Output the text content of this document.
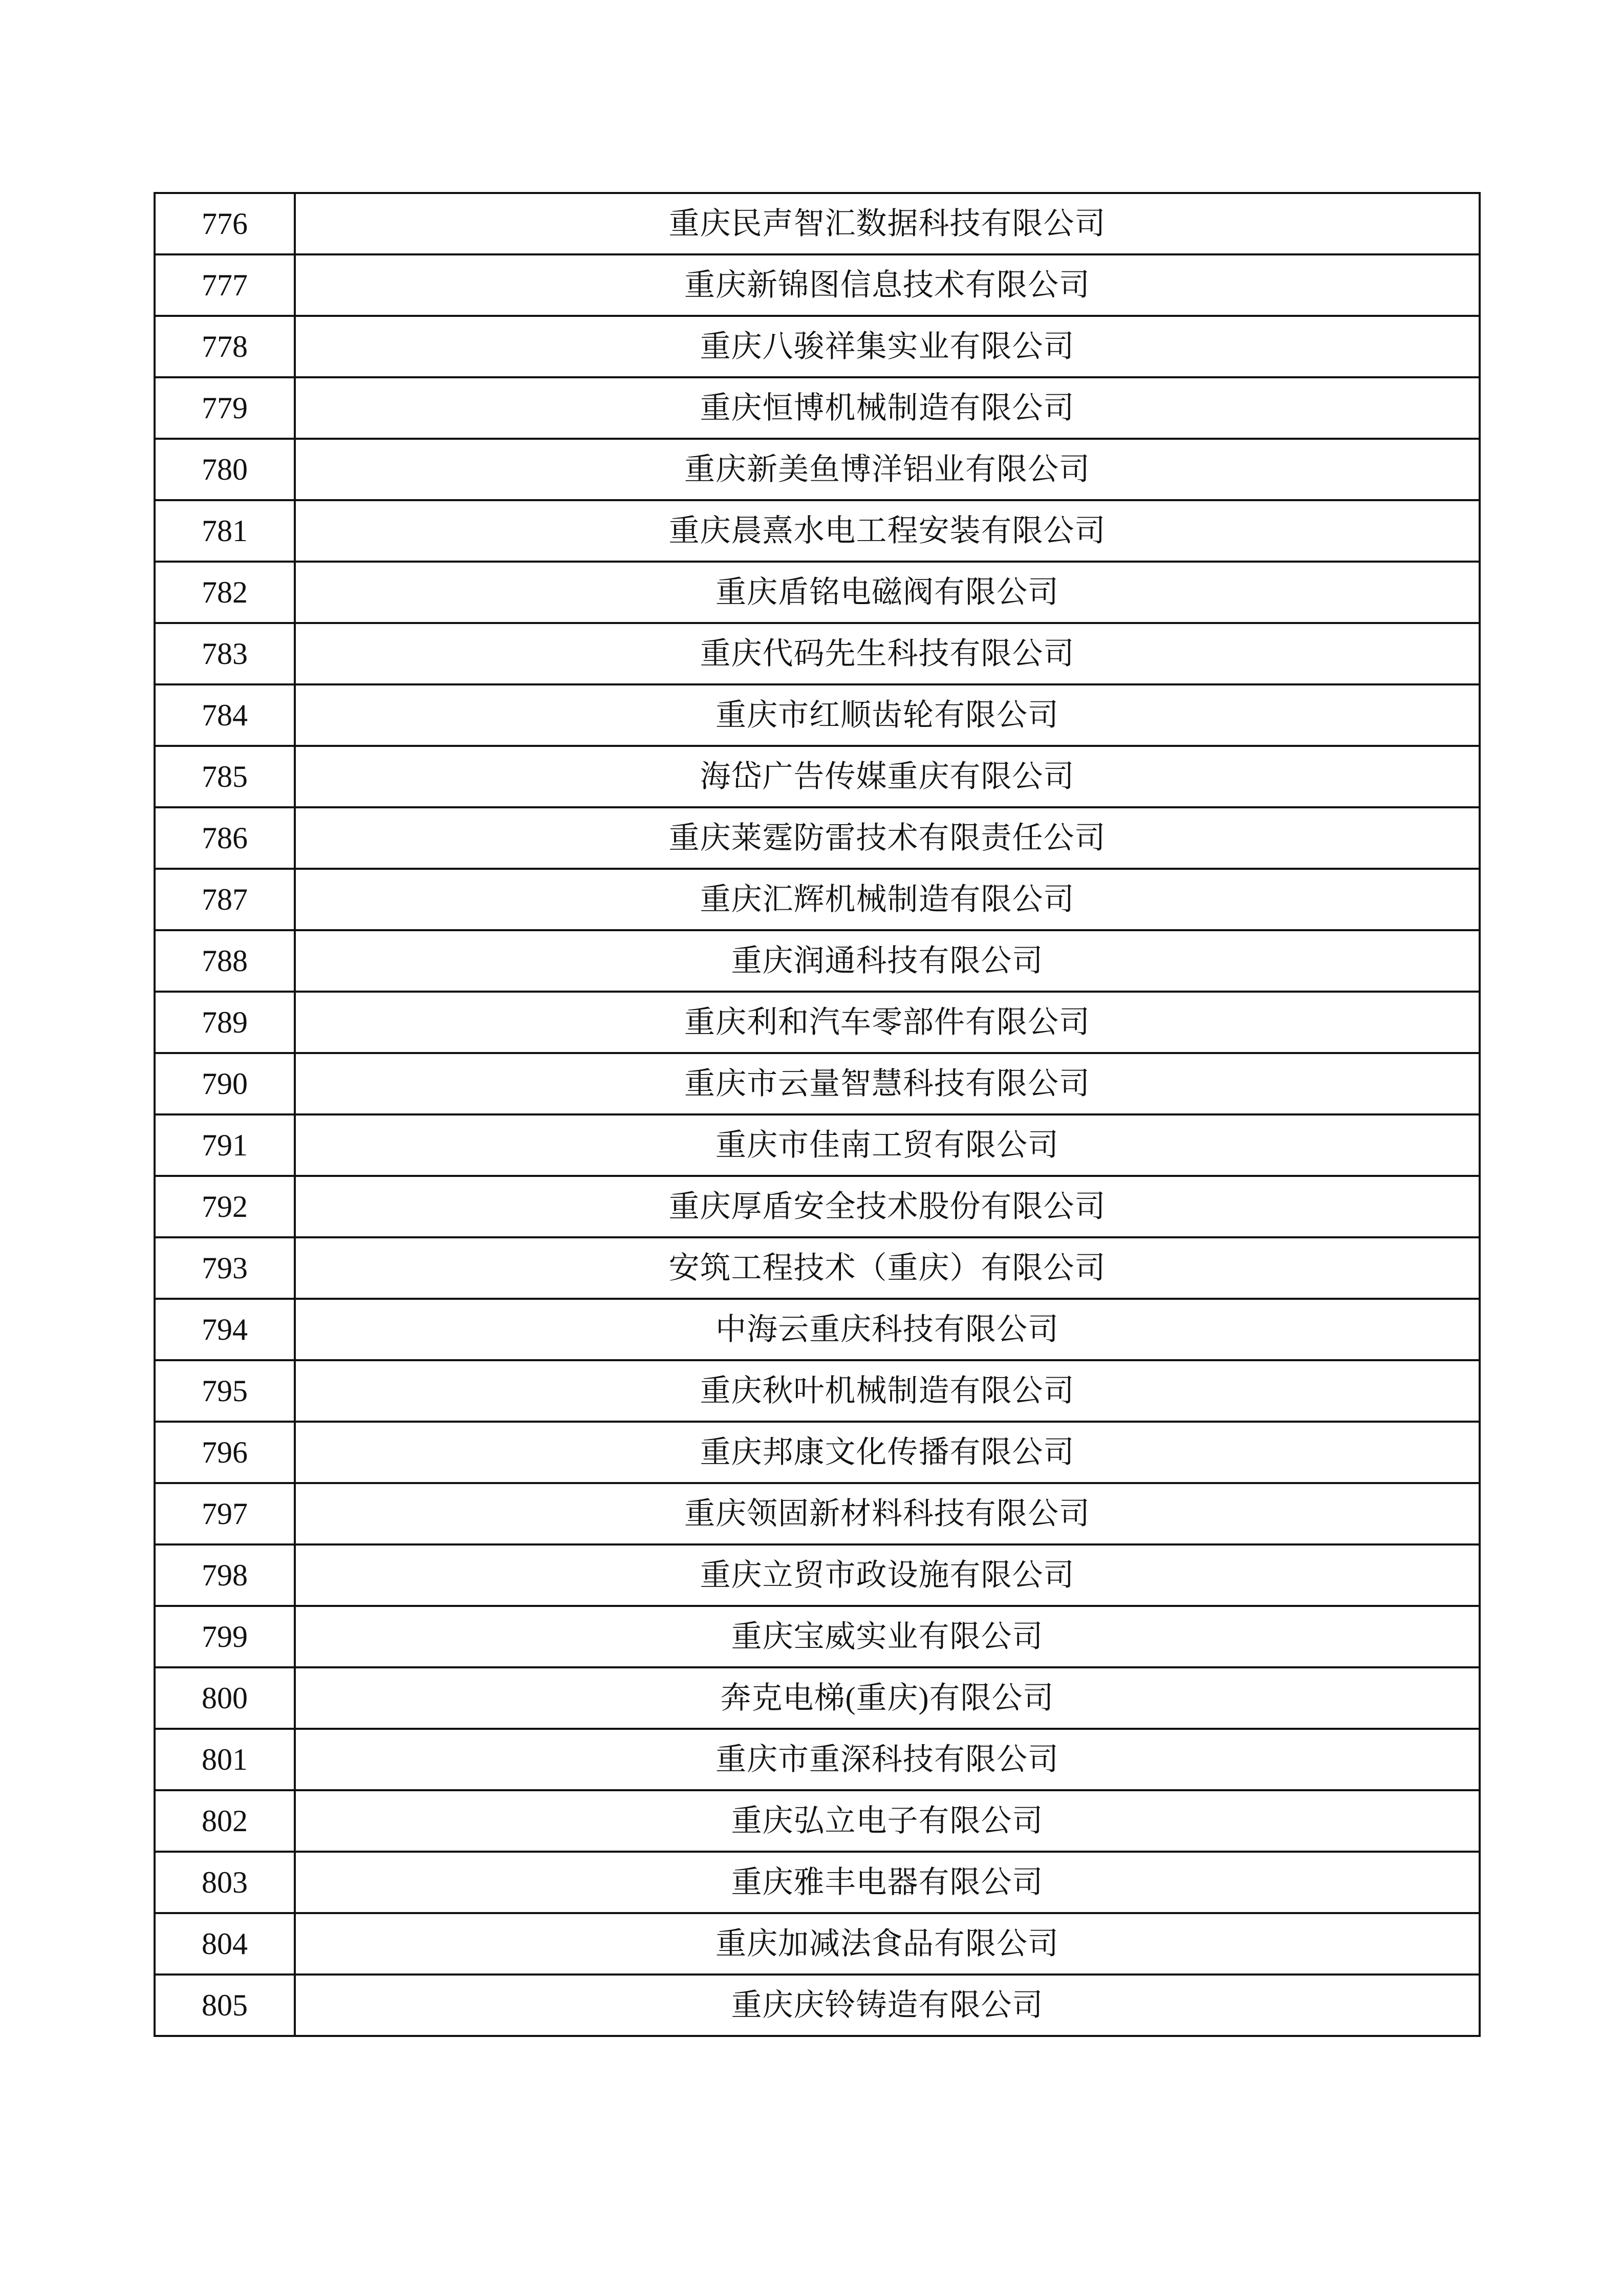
776	重庆民声智汇数据科技有限公司
777	重庆新锦图信息技术有限公司
778	重庆八骏祥集实业有限公司
779	重庆恒博机械制造有限公司
780	重庆新美鱼博洋铝业有限公司
781	重庆晨熹水电工程安装有限公司
782	重庆盾铭电磁阀有限公司
783	重庆代码先生科技有限公司
784	重庆市红顺齿轮有限公司
785	海岱广告传媒重庆有限公司
786	重庆莱霆防雷技术有限责任公司
787	重庆汇辉机械制造有限公司
788	重庆润通科技有限公司
789	重庆利和汽车零部件有限公司
790	重庆市云量智慧科技有限公司
791	重庆市佳南工贸有限公司
792	重庆厚盾安全技术股份有限公司
793	安筑工程技术（重庆）有限公司
794	中海云重庆科技有限公司
795	重庆秋叶机械制造有限公司
796	重庆邦康文化传播有限公司
797	重庆领固新材料科技有限公司
798	重庆立贸市政设施有限公司
799	重庆宝威实业有限公司
800	奔克电梯(重庆)有限公司
801	重庆市重深科技有限公司
802	重庆弘立电子有限公司
803	重庆雅丰电器有限公司
804	重庆加减法食品有限公司
805	重庆庆铃铸造有限公司
